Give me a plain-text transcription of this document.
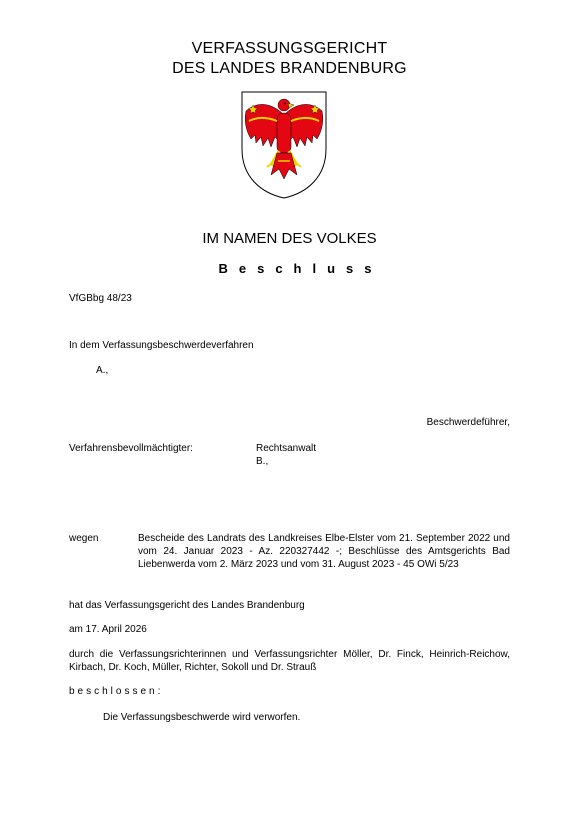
VERFASSUNGSGERICHT
DES LANDES BRANDENBURG
IM NAMEN DES VOLKES
Beschluss
VfGBbg 48/23
In dem Verfassungsbeschwerdeverfahren
A.,
Beschwerdeführer,
Verfahrensbevollmächtigter:	Rechtsanwalt
B.,
wegen	Bescheide des Landrats des Landkreises Elbe-Elster vom 21. September 2022 und vom 24. Januar 2023 - Az. 220327442 -; Beschlüsse des Amtsgerichts Bad Liebenwerda vom 2. März 2023 und vom 31. August 2023 - 45 OWi 5/23
hat das Verfassungsgericht des Landes Brandenburg
am 17. April 2026
durch die Verfassungsrichterinnen und Verfassungsrichter Möller, Dr. Finck, Heinrich-Reichow, Kirbach, Dr. Koch, Müller, Richter, Sokoll und Dr. Strauß
beschlossen:
Die Verfassungsbeschwerde wird verworfen.
